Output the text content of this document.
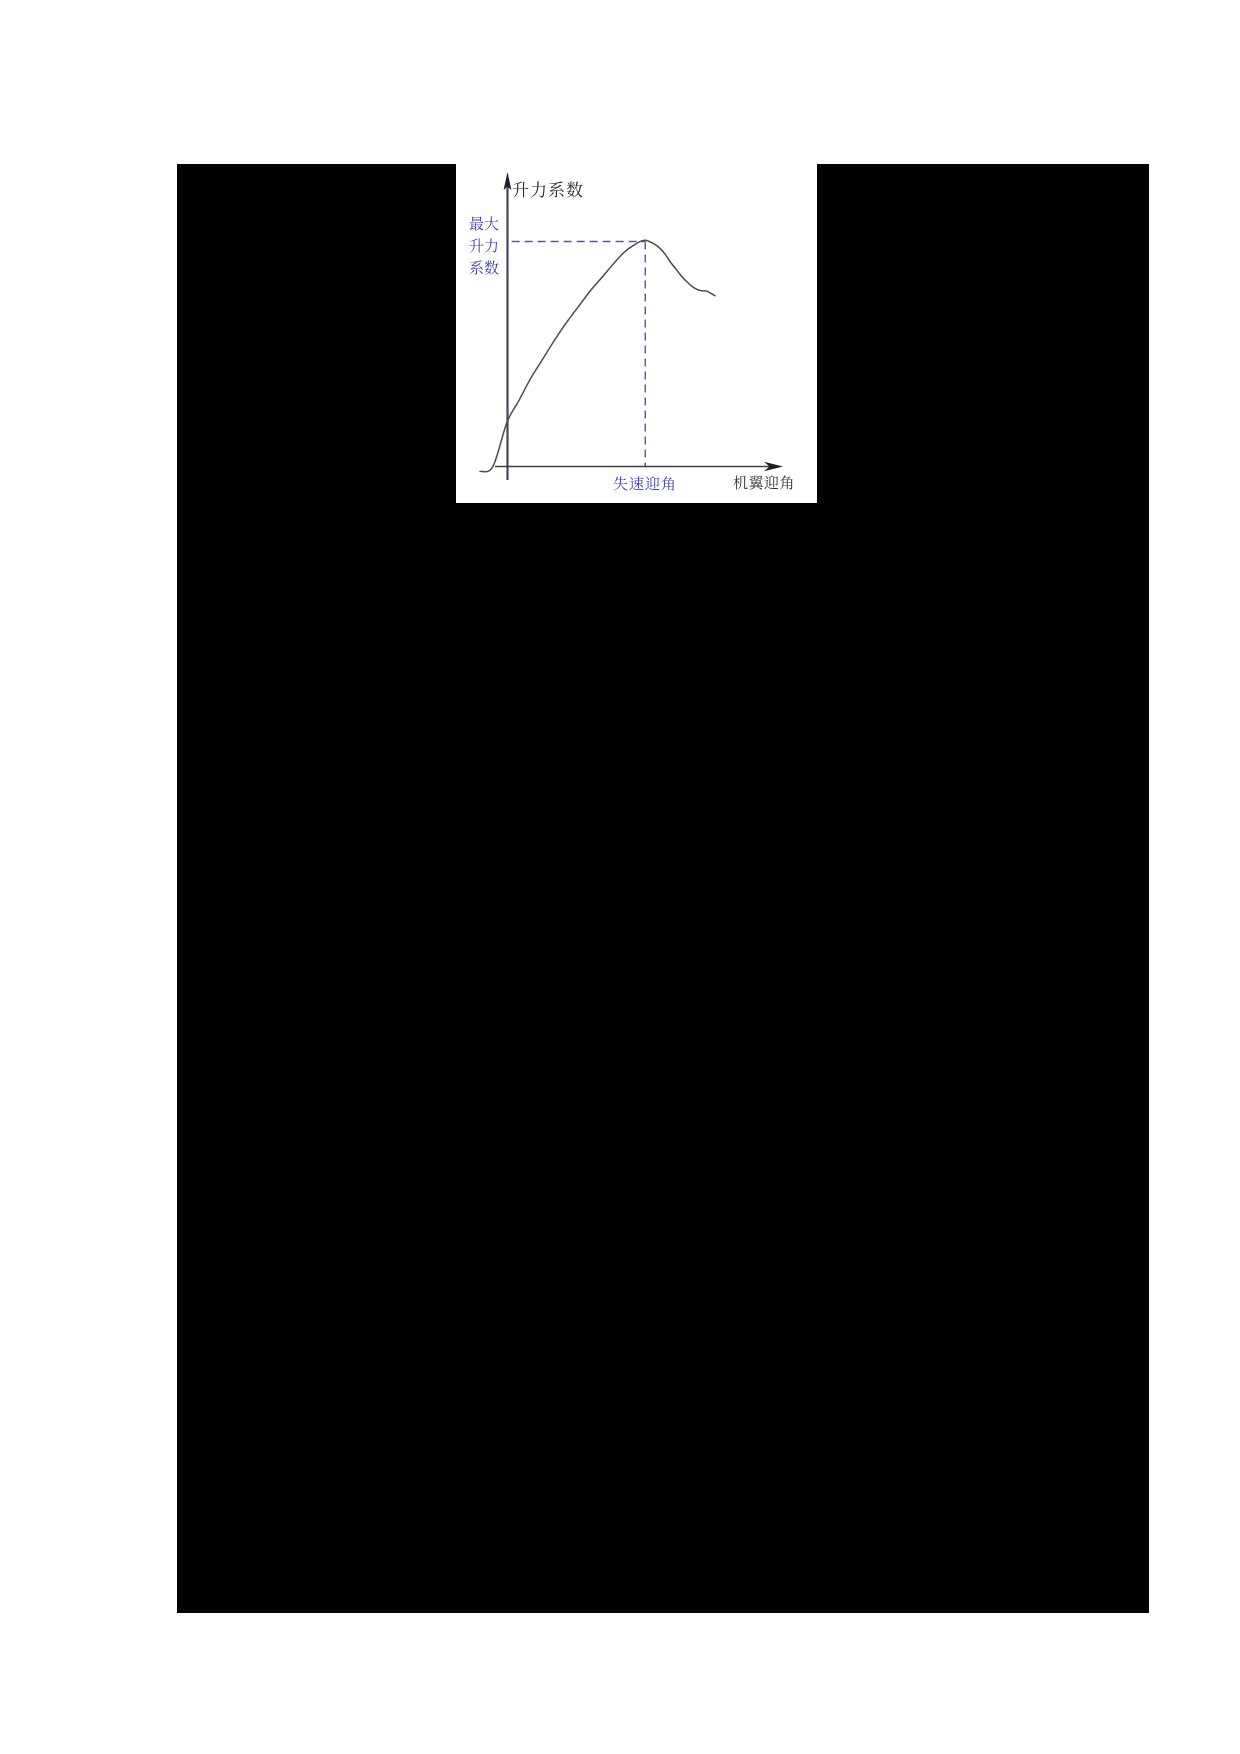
升力系数
最大
升力
系数
失速迎角	机翼迎角
